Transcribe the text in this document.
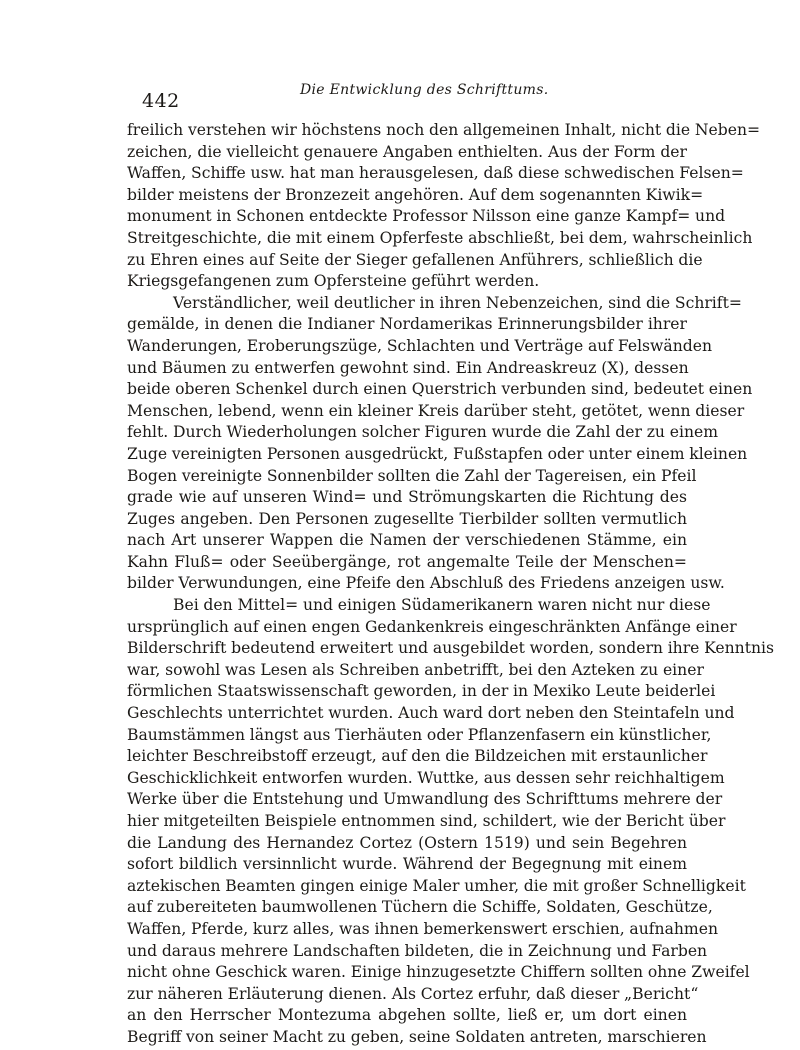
442	Die Entwicklung des Schrifttums.
freilich verstehen wir höchstens noch den allgemeinen Inhalt, nicht die Neben=
zeichen, die vielleicht genauere Angaben enthielten. Aus der Form der
Waffen, Schiffe usw. hat man herausgelesen, daß diese schwedischen Felsen=
bilder meistens der Bronzezeit angehören. Auf dem sogenannten Kiwik=
monument in Schonen entdeckte Professor Nilsson eine ganze Kampf= und
Streitgeschichte, die mit einem Opferfeste abschließt, bei dem, wahrscheinlich
zu Ehren eines auf Seite der Sieger gefallenen Anführers, schließlich die
Kriegsgefangenen zum Opfersteine geführt werden.
Verständlicher, weil deutlicher in ihren Nebenzeichen, sind die Schrift=
gemälde, in denen die Indianer Nordamerikas Erinnerungsbilder ihrer
Wanderungen, Eroberungszüge, Schlachten und Verträge auf Felswänden
und Bäumen zu entwerfen gewohnt sind. Ein Andreaskreuz (X), dessen
beide oberen Schenkel durch einen Querstrich verbunden sind, bedeutet einen
Menschen, lebend, wenn ein kleiner Kreis darüber steht, getötet, wenn dieser
fehlt. Durch Wiederholungen solcher Figuren wurde die Zahl der zu einem
Zuge vereinigten Personen ausgedrückt, Fußstapfen oder unter einem kleinen
Bogen vereinigte Sonnenbilder sollten die Zahl der Tagereisen, ein Pfeil
grade wie auf unseren Wind= und Strömungskarten die Richtung des
Zuges angeben. Den Personen zugesellte Tierbilder sollten vermutlich
nach Art unserer Wappen die Namen der verschiedenen Stämme, ein
Kahn Fluß= oder Seeübergänge, rot angemalte Teile der Menschen=
bilder Verwundungen, eine Pfeife den Abschluß des Friedens anzeigen usw.
Bei den Mittel= und einigen Südamerikanern waren nicht nur diese
ursprünglich auf einen engen Gedankenkreis eingeschränkten Anfänge einer
Bilderschrift bedeutend erweitert und ausgebildet worden, sondern ihre Kenntnis
war, sowohl was Lesen als Schreiben anbetrifft, bei den Azteken zu einer
förmlichen Staatswissenschaft geworden, in der in Mexiko Leute beiderlei
Geschlechts unterrichtet wurden. Auch ward dort neben den Steintafeln und
Baumstämmen längst aus Tierhäuten oder Pflanzenfasern ein künstlicher,
leichter Beschreibstoff erzeugt, auf den die Bildzeichen mit erstaunlicher
Geschicklichkeit entworfen wurden. Wuttke, aus dessen sehr reichhaltigem
Werke über die Entstehung und Umwandlung des Schrifttums mehrere der
hier mitgeteilten Beispiele entnommen sind, schildert, wie der Bericht über
die Landung des Hernandez Cortez (Ostern 1519) und sein Begehren
sofort bildlich versinnlicht wurde. Während der Begegnung mit einem
aztekischen Beamten gingen einige Maler umher, die mit großer Schnelligkeit
auf zubereiteten baumwollenen Tüchern die Schiffe, Soldaten, Geschütze,
Waffen, Pferde, kurz alles, was ihnen bemerkenswert erschien, aufnahmen
und daraus mehrere Landschaften bildeten, die in Zeichnung und Farben
nicht ohne Geschick waren. Einige hinzugesetzte Chiffern sollten ohne Zweifel
zur näheren Erläuterung dienen. Als Cortez erfuhr, daß dieser „Bericht“
an den Herrscher Montezuma abgehen sollte, ließ er, um dort einen
Begriff von seiner Macht zu geben, seine Soldaten antreten, marschieren
